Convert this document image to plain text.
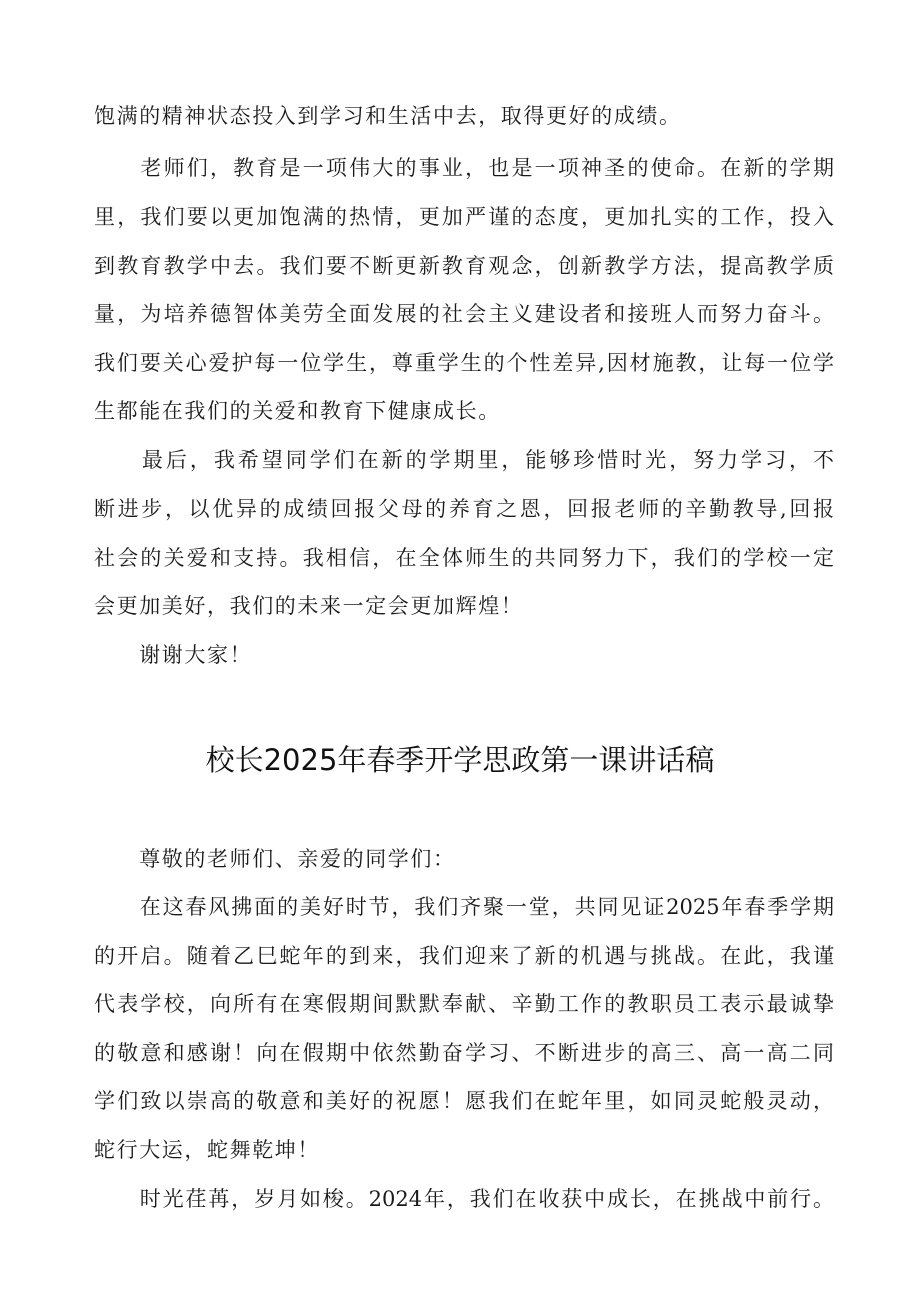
饱满的精神状态投入到学习和生活中去，取得更好的成绩。
　　老师们，教育是一项伟大的事业，也是一项神圣的使命。在新的学期
里，我们要以更加饱满的热情，更加严谨的态度，更加扎实的工作，投入
到教育教学中去。我们要不断更新教育观念，创新教学方法，提高教学质
量，为培养德智体美劳全面发展的社会主义建设者和接班人而努力奋斗。
我们要关心爱护每一位学生，尊重学生的个性差异,因材施教，让每一位学
生都能在我们的关爱和教育下健康成长。
　　最后，我希望同学们在新的学期里，能够珍惜时光，努力学习，不
断进步，以优异的成绩回报父母的养育之恩，回报老师的辛勤教导,回报
社会的关爱和支持。我相信，在全体师生的共同努力下，我们的学校一定
会更加美好，我们的未来一定会更加辉煌！
　　谢谢大家！
校长2025年春季开学思政第一课讲话稿
　　尊敬的老师们、亲爱的同学们：
　　在这春风拂面的美好时节，我们齐聚一堂，共同见证2025年春季学期
的开启。随着乙巳蛇年的到来，我们迎来了新的机遇与挑战。在此，我谨
代表学校，向所有在寒假期间默默奉献、辛勤工作的教职员工表示最诚挚
的敬意和感谢！向在假期中依然勤奋学习、不断进步的高三、高一高二同
学们致以崇高的敬意和美好的祝愿！愿我们在蛇年里，如同灵蛇般灵动，
蛇行大运，蛇舞乾坤！
　　时光荏苒，岁月如梭。2024年，我们在收获中成长，在挑战中前行。
